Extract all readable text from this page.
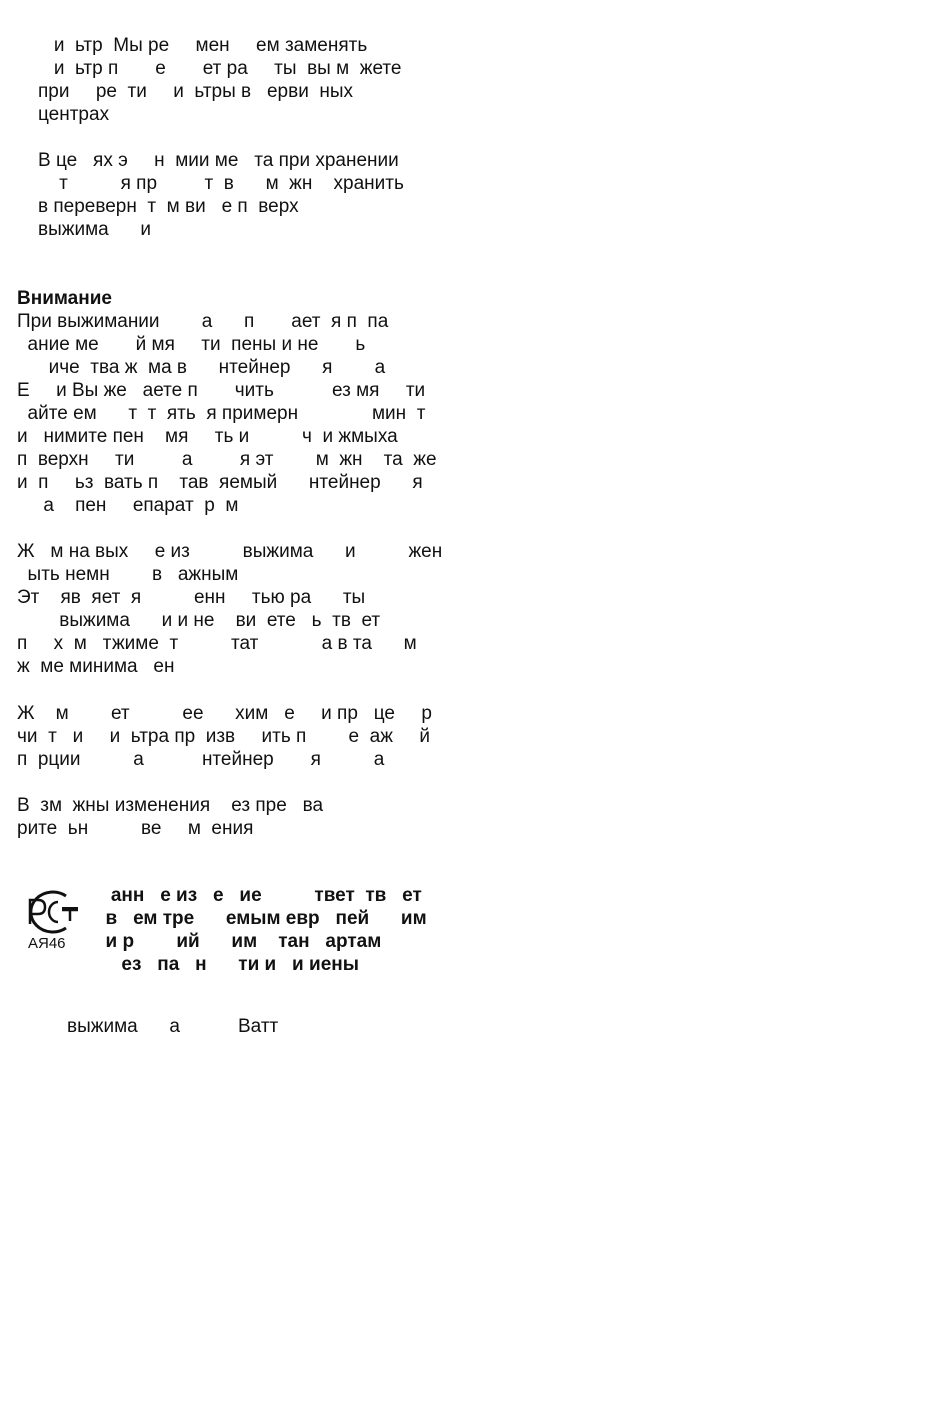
и  ьтр  Мы ре     мен     ем заменять
и  ьтр п       е       ет ра     ты  вы м  жете
при     ре  ти     и  ьтры в   ерви  ных
центрах
В це   ях э     н  мии ме   та при хранении
т          я пр         т  в      м  жн    хранить
в переверн  т  м ви   е п  верх
выжима      и
Внимание
При выжимании        а      п       ает  я п  па
ание ме       й мя     ти  пены и не       ь
иче  тва ж  ма в      нтейнер      я        а
Е     и Вы же   аете п       чить           ез мя     ти
айте ем      т  т  ять  я примерн              мин  т
и   нимите пен    мя     ть и          ч  и жмыха
п  верхн     ти         а         я эт        м  жн    та  же
и  п     ьз  вать п    тав  яемый      нтейнер      я
а    пен     епарат  р  м
Ж   м на вых     е из          выжима      и          жен
ыть немн        в   ажным
Эт    яв  яет  я          енн     тью ра      ты
выжима      и и не    ви  ете   ь  тв  ет
п     х  м   тжиме  т          тат            а в та      м
ж  ме минима   ен
Ж    м        ет          ее      хим   е     и пр   це     р
чи  т   и     и  ьтра пр  изв     ить п        е  аж     й
п  рции          а           нтейнер       я          а
В  зм  жны изменения    ез пре   ва
рите  ьн          ве     м  ения
АЯ46
анн   е из   е   ие          твет  тв   ет
в   ем тре      емым евр   пей      им
и р        ий      им    тан   артам
ез   па   н      ти и   и иены
выжима      а           Ватт
